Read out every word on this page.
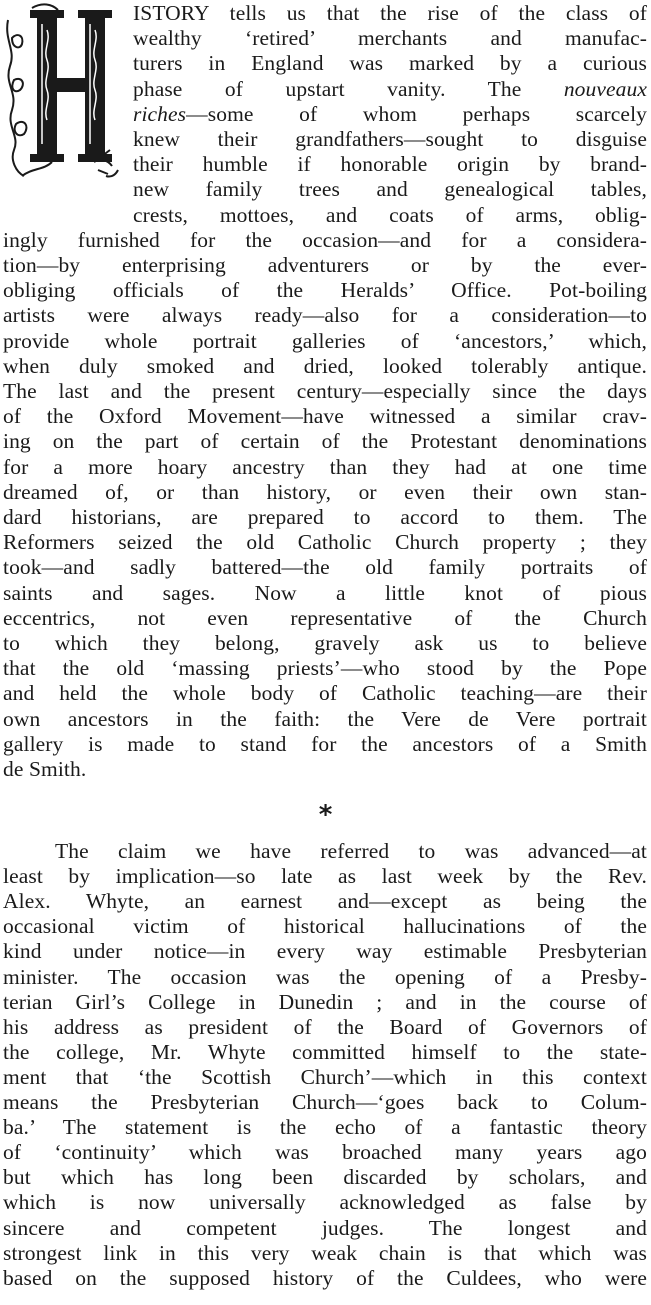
ISTORY tells us that the rise of the class of
wealthy ‘retired’ merchants and manufac-
turers in England was marked by a curious
phase of upstart vanity. The nouveaux
riches—some of whom perhaps scarcely
knew their grandfathers—sought to disguise
their humble if honorable origin by brand-
new family trees and genealogical tables,
crests, mottoes, and coats of arms, oblig-
ingly furnished for the occasion—and for a considera-
tion—by enterprising adventurers or by the ever-
obliging officials of the Heralds’ Office. Pot-boiling
artists were always ready—also for a consideration—to
provide whole portrait galleries of ‘ancestors,’ which,
when duly smoked and dried, looked tolerably antique.
The last and the present century—especially since the days
of the Oxford Movement—have witnessed a similar crav-
ing on the part of certain of the Protestant denominations
for a more hoary ancestry than they had at one time
dreamed of, or than history, or even their own stan-
dard historians, are prepared to accord to them. The
Reformers seized the old Catholic Church property ; they
took—and sadly battered—the old family portraits of
saints and sages. Now a little knot of pious
eccentrics, not even representative of the Church
to which they belong, gravely ask us to believe
that the old ‘massing priests’—who stood by the Pope
and held the whole body of Catholic teaching—are their
own ancestors in the faith: the Vere de Vere portrait
gallery is made to stand for the ancestors of a Smith
de Smith.
*
The claim we have referred to was advanced—at
least by implication—so late as last week by the Rev.
Alex. Whyte, an earnest and—except as being the
occasional victim of historical hallucinations of the
kind under notice—in every way estimable Presbyterian
minister. The occasion was the opening of a Presby-
terian Girl’s College in Dunedin ; and in the course of
his address as president of the Board of Governors of
the college, Mr. Whyte committed himself to the state-
ment that ‘the Scottish Church’—which in this context
means the Presbyterian Church—‘goes back to Colum-
ba.’ The statement is the echo of a fantastic theory
of ‘continuity’ which was broached many years ago
but which has long been discarded by scholars, and
which is now universally acknowledged as false by
sincere and competent judges. The longest and
strongest link in this very weak chain is that which was
based on the supposed history of the Culdees, who were
